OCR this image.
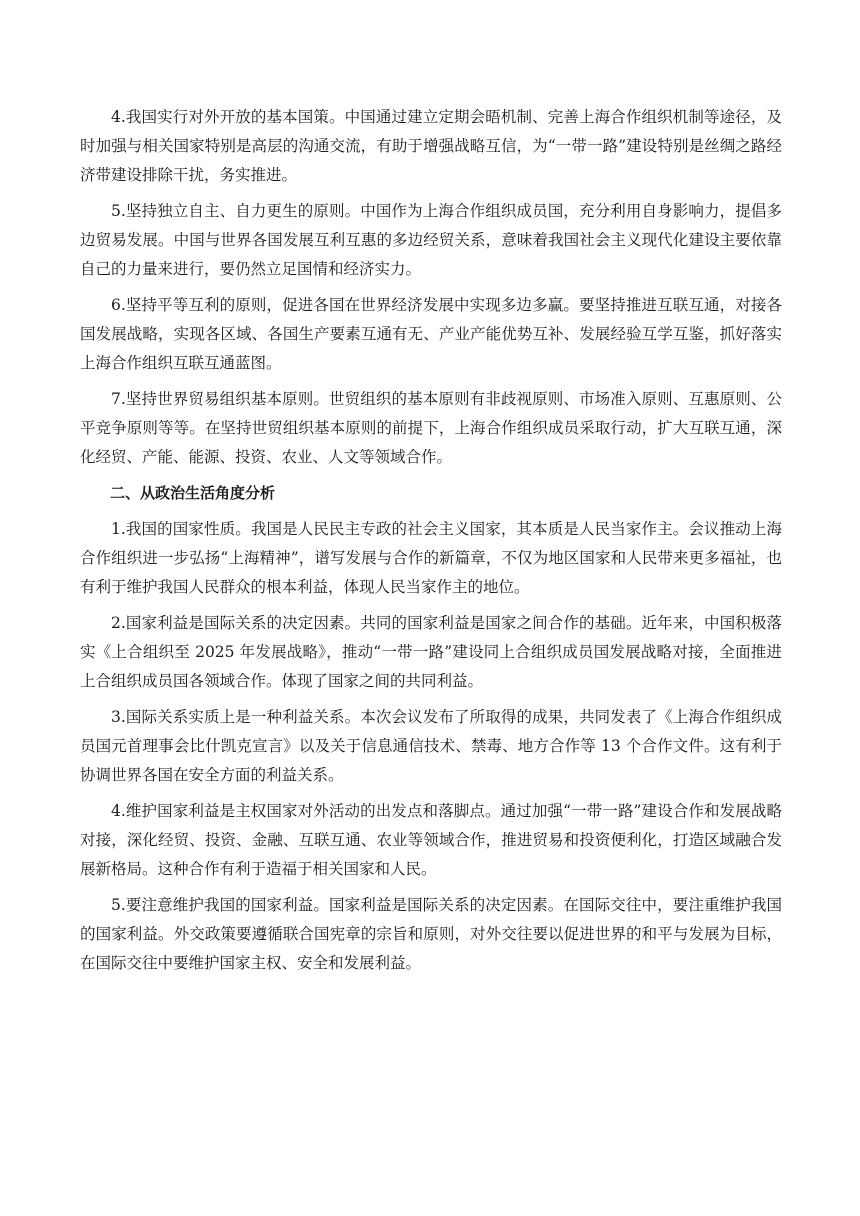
4.我国实行对外开放的基本国策。中国通过建立定期会晤机制、完善上海合作组织机制等途径，及时加强与相关国家特别是高层的沟通交流，有助于增强战略互信，为“一带一路”建设特别是丝绸之路经济带建设排除干扰，务实推进。

5.坚持独立自主、自力更生的原则。中国作为上海合作组织成员国，充分利用自身影响力，提倡多边贸易发展。中国与世界各国发展互利互惠的多边经贸关系，意味着我国社会主义现代化建设主要依靠自己的力量来进行，要仍然立足国情和经济实力。

6.坚持平等互利的原则，促进各国在世界经济发展中实现多边多赢。要坚持推进互联互通，对接各国发展战略，实现各区域、各国生产要素互通有无、产业产能优势互补、发展经验互学互鉴，抓好落实上海合作组织互联互通蓝图。

7.坚持世界贸易组织基本原则。世贸组织的基本原则有非歧视原则、市场准入原则、互惠原则、公平竞争原则等等。在坚持世贸组织基本原则的前提下，上海合作组织成员采取行动，扩大互联互通，深化经贸、产能、能源、投资、农业、人文等领域合作。

二、从政治生活角度分析

1.我国的国家性质。我国是人民民主专政的社会主义国家，其本质是人民当家作主。会议推动上海合作组织进一步弘扬“上海精神”，谱写发展与合作的新篇章，不仅为地区国家和人民带来更多福祉，也有利于维护我国人民群众的根本利益，体现人民当家作主的地位。

2.国家利益是国际关系的决定因素。共同的国家利益是国家之间合作的基础。近年来，中国积极落实《上合组织至 2025 年发展战略》，推动“一带一路”建设同上合组织成员国发展战略对接，全面推进上合组织成员国各领域合作。体现了国家之间的共同利益。

3.国际关系实质上是一种利益关系。本次会议发布了所取得的成果，共同发表了《上海合作组织成员国元首理事会比什凯克宣言》以及关于信息通信技术、禁毒、地方合作等 13 个合作文件。这有利于协调世界各国在安全方面的利益关系。

4.维护国家利益是主权国家对外活动的出发点和落脚点。通过加强“一带一路”建设合作和发展战略对接，深化经贸、投资、金融、互联互通、农业等领域合作，推进贸易和投资便利化，打造区域融合发展新格局。这种合作有利于造福于相关国家和人民。

5.要注意维护我国的国家利益。国家利益是国际关系的决定因素。在国际交往中，要注重维护我国的国家利益。外交政策要遵循联合国宪章的宗旨和原则，对外交往要以促进世界的和平与发展为目标，在国际交往中要维护国家主权、安全和发展利益。
